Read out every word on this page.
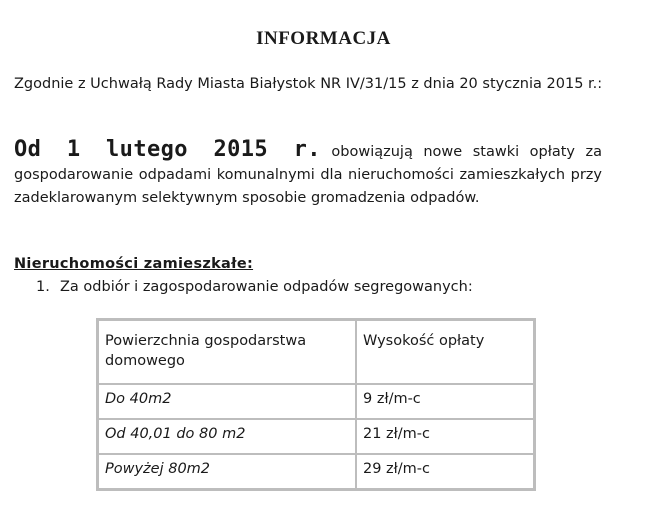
INFORMACJA
Zgodnie z Uchwałą Rady Miasta Białystok NR IV/31/15 z dnia 20 stycznia 2015 r.:
Od 1 lutego 2015 r. obowiązują nowe stawki opłaty za gospodarowanie odpadami komunalnymi dla nieruchomości zamieszkałych przy zadeklarowanym selektywnym sposobie gromadzenia odpadów.
Nieruchomości zamieszkałe:
1. Za odbiór i zagospodarowanie odpadów segregowanych:
Powierzchnia gospodarstwa domowego	Wysokość opłaty
Do 40m2	9 zł/m-c
Od 40,01 do 80 m2	21 zł/m-c
Powyżej 80m2	29 zł/m-c
